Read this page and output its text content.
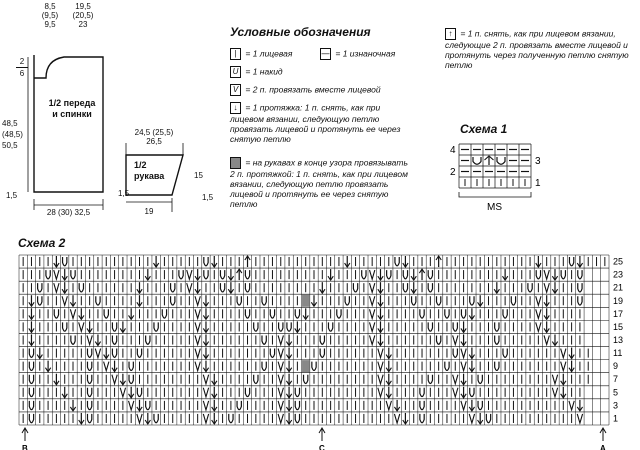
8,5
(9,5)
9,5
19,5
(20,5)
23
2
6
1/2 переда
и спинки
48,5
(48,5)
50,5
1,5
28 (30) 32,5
24,5 (25,5)
26,5
1/2
рукава	15
1,5	1,5
19
Условные обозначения
| = 1 лицевая	— = 1 изнаночная
U = 1 накид
V = 2 п. провязать вместе лицевой
↓ = 1 протяжка: 1 п. снять, как при лицевом вязании, следующую петлю провязать лицевой и протянуть ее через снятую петлю
▪ = на рукавах в конце узора провязывать 2 п. протяжкой: 1 п. снять, как при лицевом вязании, следующую петлю провязать лицевой и протянуть ее через снятую петлю
↑ = 1 п. снять, как при лицевом вязании, следующие 2 п. провязать вместе лицевой и протянуть через полученную петлю снятую петлю
Схема 1
4
2
3
1
MS
Схема 2
25
23
21
19
17
15
13
11
9
7
5
3
1
B	C	A
